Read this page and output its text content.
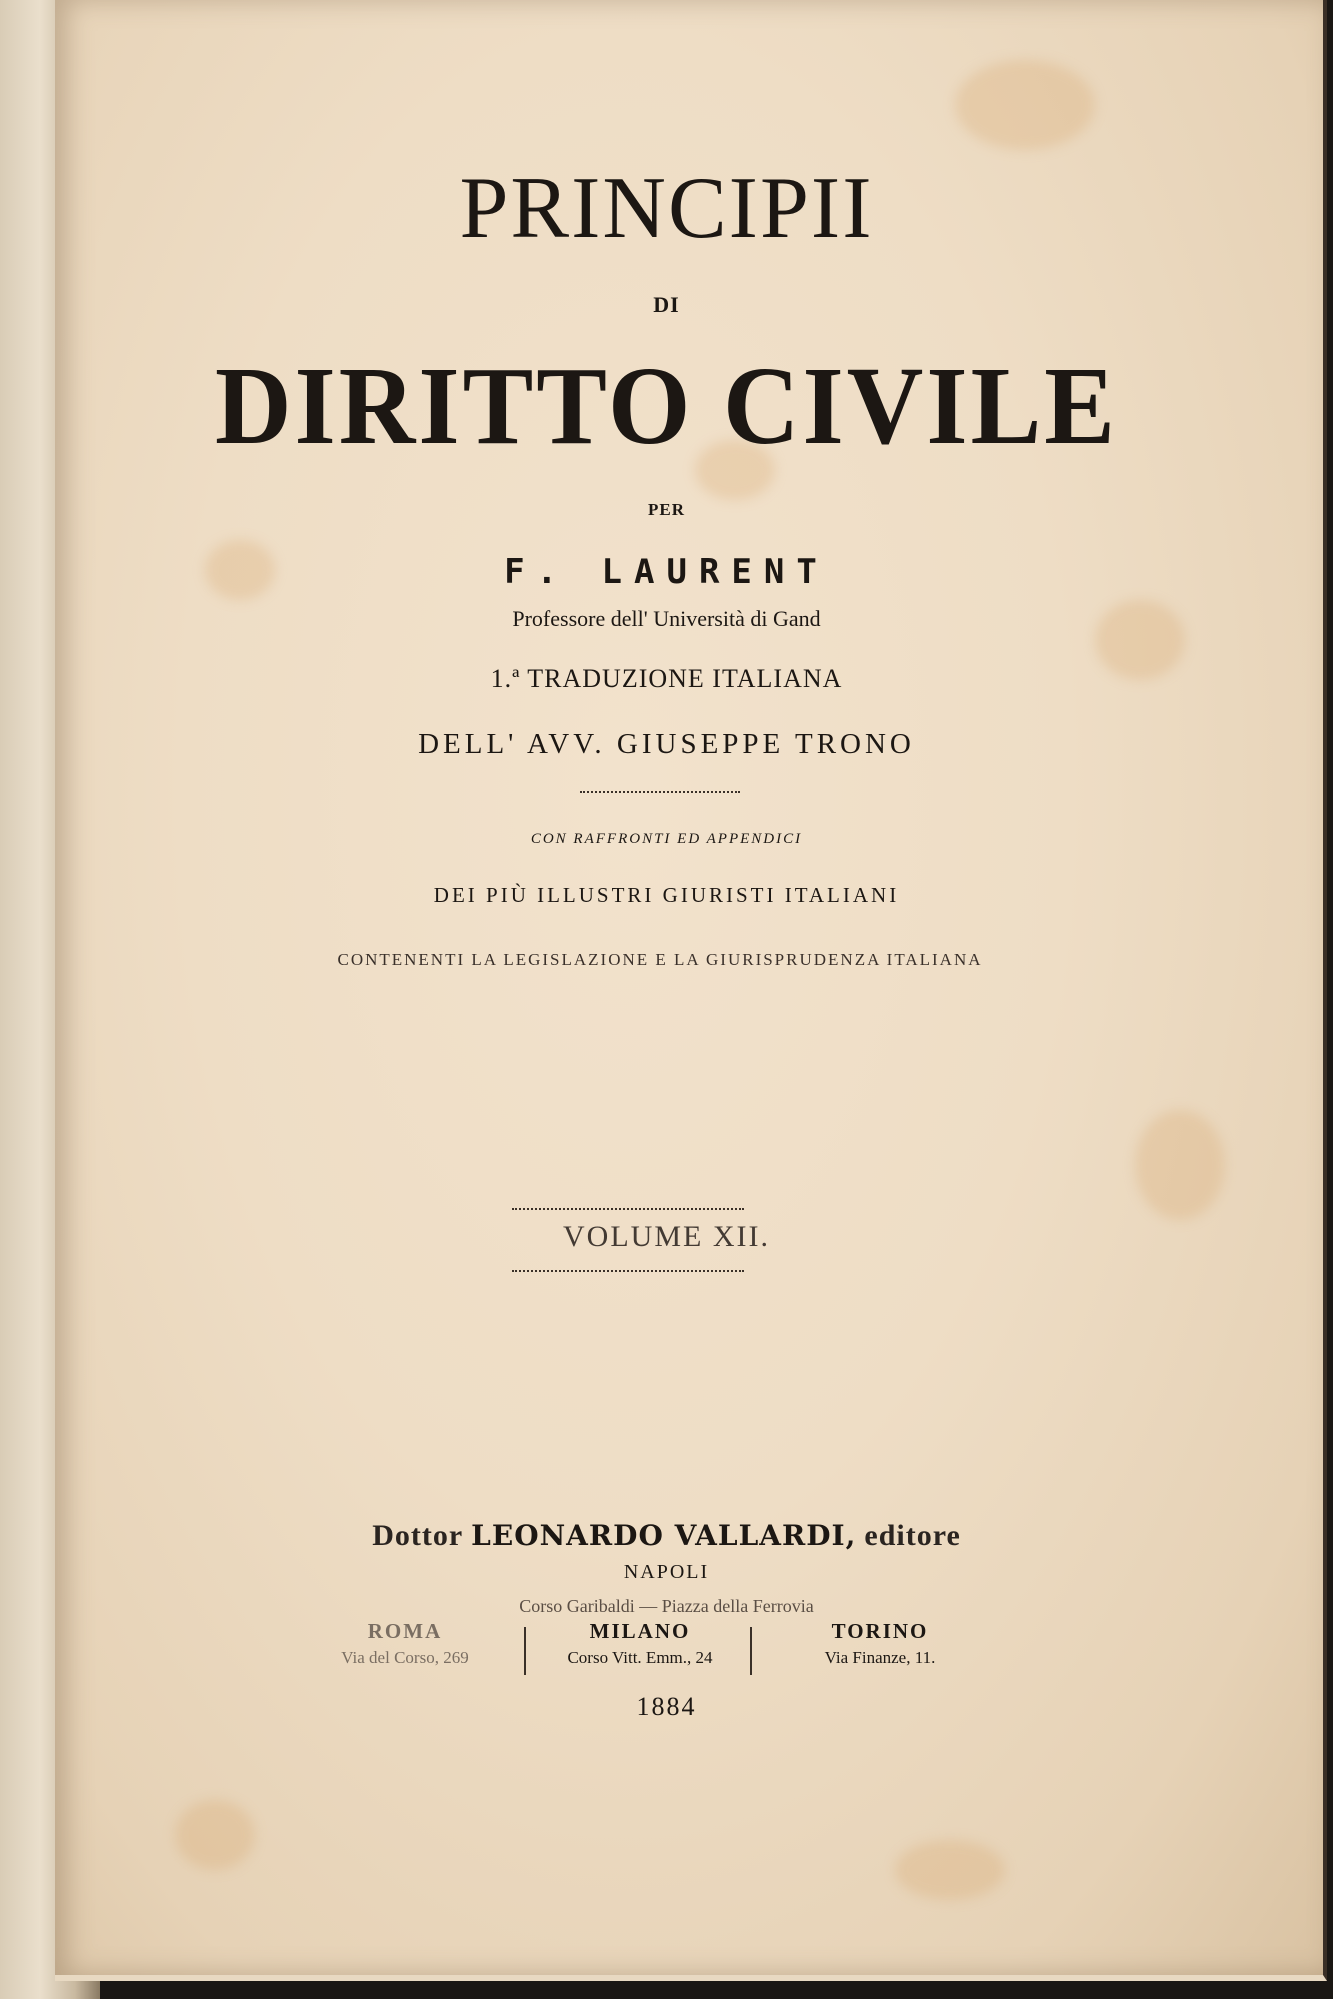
PRINCIPII
DI
DIRITTO CIVILE
PER
F. LAURENT
Professore dell' Università di Gand
1.ª TRADUZIONE ITALIANA
DELL' AVV. GIUSEPPE TRONO
CON RAFFRONTI ED APPENDICI
DEI PIÙ ILLUSTRI GIURISTI ITALIANI
CONTENENTI LA LEGISLAZIONE E LA GIURISPRUDENZA ITALIANA
VOLUME XII.
Dottor LEONARDO VALLARDI, editore
NAPOLI
Corso Garibaldi — Piazza della Ferrovia
ROMA
Via del Corso, 269
MILANO
Corso Vitt. Emm., 24
TORINO
Via Finanze, 11.
1884
